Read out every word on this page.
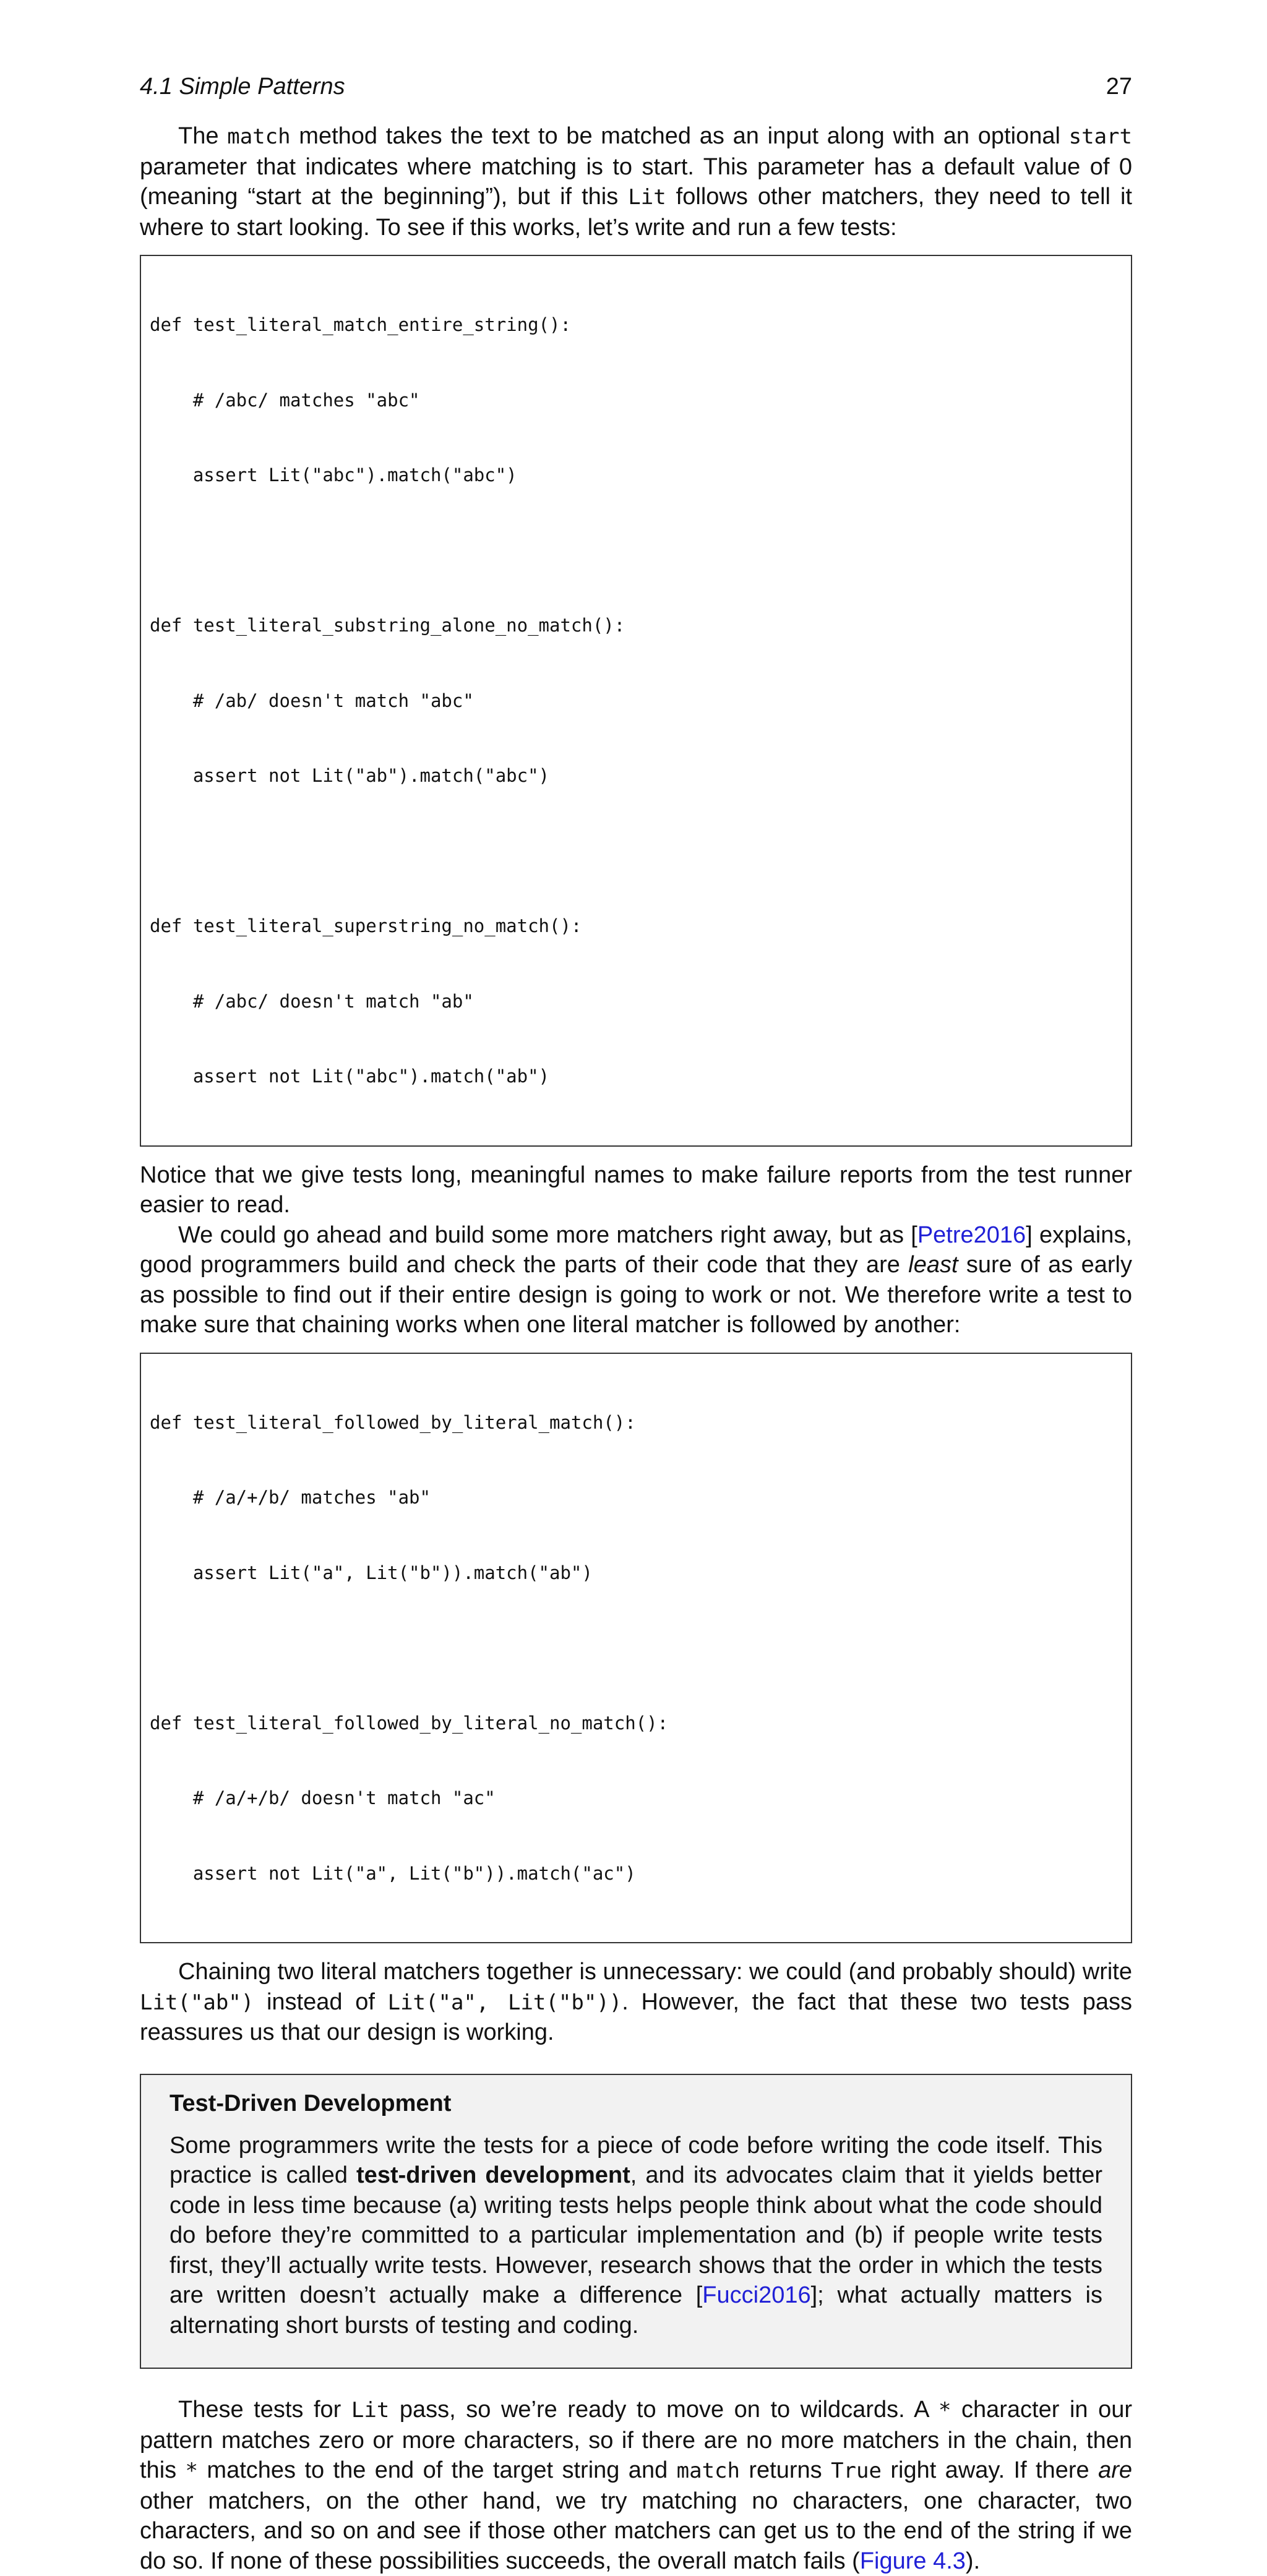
4.1 Simple Patterns	27

The match method takes the text to be matched as an input along with an optional start parameter that indicates where matching is to start. This parameter has a default value of 0 (meaning “start at the beginning”), but if this Lit follows other matchers, they need to tell it where to start looking. To see if this works, let’s write and run a few tests:

def test_literal_match_entire_string():

# /abc/ matches "abc"

assert Lit("abc").match("abc")

def test_literal_substring_alone_no_match():

# /ab/ doesn't match "abc"

assert not Lit("ab").match("abc")

def test_literal_superstring_no_match():

# /abc/ doesn't match "ab"

assert not Lit("abc").match("ab")

Notice that we give tests long, meaningful names to make failure reports from the test runner easier to read.

We could go ahead and build some more matchers right away, but as [Petre2016] explains, good programmers build and check the parts of their code that they are least sure of as early as possible to find out if their entire design is going to work or not. We therefore write a test to make sure that chaining works when one literal matcher is followed by another:

def test_literal_followed_by_literal_match():

# /a/+/b/ matches "ab"

assert Lit("a", Lit("b")).match("ab")

def test_literal_followed_by_literal_no_match():

# /a/+/b/ doesn't match "ac"

assert not Lit("a", Lit("b")).match("ac")

Chaining two literal matchers together is unnecessary: we could (and probably should) write Lit("ab") instead of Lit("a", Lit("b")). However, the fact that these two tests pass reassures us that our design is working.

Test-Driven Development

Some programmers write the tests for a piece of code before writing the code itself. This practice is called test-driven development, and its advocates claim that it yields better code in less time because (a) writing tests helps people think about what the code should do before they’re committed to a particular implementation and (b) if people write tests first, they’ll actually write tests. However, research shows that the order in which the tests are written doesn’t actually make a difference [Fucci2016]; what actually matters is alternating short bursts of testing and coding.

These tests for Lit pass, so we’re ready to move on to wildcards. A * character in our pattern matches zero or more characters, so if there are no more matchers in the chain, then this * matches to the end of the target string and match returns True right away. If there are other matchers, on the other hand, we try matching no characters, one character, two characters, and so on and see if those other matchers can get us to the end of the string if we do so. If none of these possibilities succeeds, the overall match fails (Figure 4.3).
